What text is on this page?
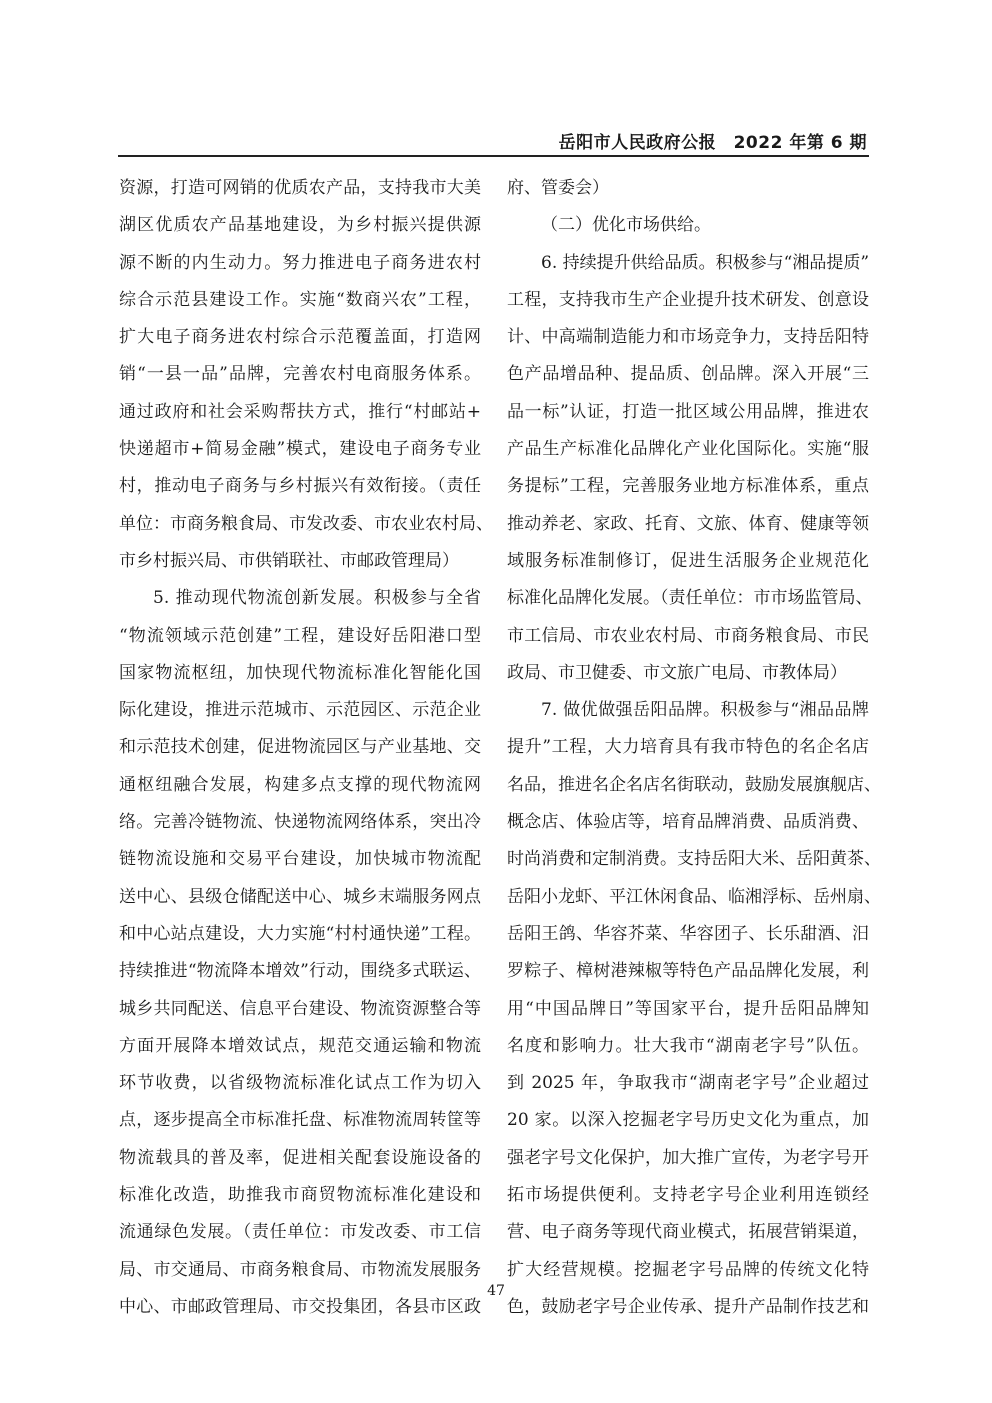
岳阳市人民政府公报　2022 年第 6 期
资源，打造可网销的优质农产品，支持我市大美
湖区优质农产品基地建设，为乡村振兴提供源
源不断的内生动力。努力推进电子商务进农村
综合示范县建设工作。实施“数商兴农”工程，
扩大电子商务进农村综合示范覆盖面，打造网
销“一县一品”品牌，完善农村电商服务体系。
通过政府和社会采购帮扶方式，推行“村邮站+
快递超市+简易金融”模式，建设电子商务专业
村，推动电子商务与乡村振兴有效衔接。（责任
单位：市商务粮食局、市发改委、市农业农村局、
市乡村振兴局、市供销联社、市邮政管理局）
5. 推动现代物流创新发展。积极参与全省
“物流领域示范创建”工程，建设好岳阳港口型
国家物流枢纽，加快现代物流标准化智能化国
际化建设，推进示范城市、示范园区、示范企业
和示范技术创建，促进物流园区与产业基地、交
通枢纽融合发展，构建多点支撑的现代物流网
络。完善冷链物流、快递物流网络体系，突出冷
链物流设施和交易平台建设，加快城市物流配
送中心、县级仓储配送中心、城乡末端服务网点
和中心站点建设，大力实施“村村通快递”工程。
持续推进“物流降本增效”行动，围绕多式联运、
城乡共同配送、信息平台建设、物流资源整合等
方面开展降本增效试点，规范交通运输和物流
环节收费，以省级物流标准化试点工作为切入
点，逐步提高全市标准托盘、标准物流周转筐等
物流载具的普及率，促进相关配套设施设备的
标准化改造，助推我市商贸物流标准化建设和
流通绿色发展。（责任单位：市发改委、市工信
局、市交通局、市商务粮食局、市物流发展服务
中心、市邮政管理局、市交投集团，各县市区政
府、管委会）
（二）优化市场供给。
6. 持续提升供给品质。积极参与“湘品提质”
工程，支持我市生产企业提升技术研发、创意设
计、中高端制造能力和市场竞争力，支持岳阳特
色产品增品种、提品质、创品牌。深入开展“三
品一标”认证，打造一批区域公用品牌，推进农
产品生产标准化品牌化产业化国际化。实施“服
务提标”工程，完善服务业地方标准体系，重点
推动养老、家政、托育、文旅、体育、健康等领
域服务标准制修订，促进生活服务企业规范化
标准化品牌化发展。（责任单位：市市场监管局、
市工信局、市农业农村局、市商务粮食局、市民
政局、市卫健委、市文旅广电局、市教体局）
7. 做优做强岳阳品牌。积极参与“湘品品牌
提升”工程，大力培育具有我市特色的名企名店
名品，推进名企名店名街联动，鼓励发展旗舰店、
概念店、体验店等，培育品牌消费、品质消费、
时尚消费和定制消费。支持岳阳大米、岳阳黄茶、
岳阳小龙虾、平江休闲食品、临湘浮标、岳州扇、
岳阳王鸽、华容芥菜、华容团子、长乐甜酒、汨
罗粽子、樟树港辣椒等特色产品品牌化发展，利
用“中国品牌日”等国家平台，提升岳阳品牌知
名度和影响力。壮大我市“湖南老字号”队伍。
到 2025 年，争取我市“湖南老字号”企业超过
20 家。以深入挖掘老字号历史文化为重点，加
强老字号文化保护，加大推广宣传，为老字号开
拓市场提供便利。支持老字号企业利用连锁经
营、电子商务等现代商业模式，拓展营销渠道，
扩大经营规模。挖掘老字号品牌的传统文化特
色，鼓励老字号企业传承、提升产品制作技艺和
47
